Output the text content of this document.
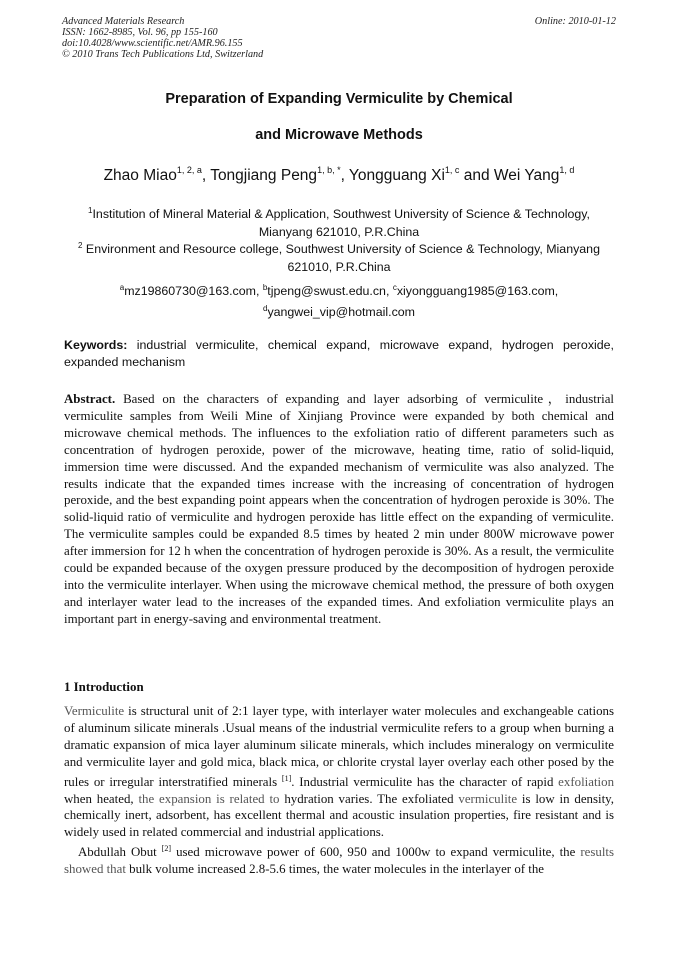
Advanced Materials Research
ISSN: 1662-8985, Vol. 96, pp 155-160
doi:10.4028/www.scientific.net/AMR.96.155
© 2010 Trans Tech Publications Ltd, Switzerland
Online: 2010-01-12
Preparation of Expanding Vermiculite by Chemical
and Microwave Methods
Zhao Miao$^{1, 2, a}$, Tongjiang Peng$^{1, b, *}$, Yongguang Xi$^{1, c}$ and Wei Yang$^{1, d}$
$^1$Institution of Mineral Material & Application, Southwest University of Science & Technology,
Mianyang 621010, P.R.China
$^2$ Environment and Resource college, Southwest University of Science & Technology, Mianyang
621010, P.R.China
$^a$mz19860730@163.com, $^b$tjpeng@swust.edu.cn, $^c$xiyongguang1985@163.com,
$^d$yangwei_vip@hotmail.com
Keywords: industrial vermiculite, chemical expand, microwave expand, hydrogen peroxide, expanded mechanism
Abstract. Based on the characters of expanding and layer adsorbing of vermiculite，industrial vermiculite samples from Weili Mine of Xinjiang Province were expanded by both chemical and microwave chemical methods. The influences to the exfoliation ratio of different parameters such as concentration of hydrogen peroxide, power of the microwave, heating time, ratio of solid-liquid, immersion time were discussed. And the expanded mechanism of vermiculite was also analyzed. The results indicate that the expanded times increase with the increasing of concentration of hydrogen peroxide, and the best expanding point appears when the concentration of hydrogen peroxide is 30%. The solid-liquid ratio of vermiculite and hydrogen peroxide has little effect on the expanding of vermiculite. The vermiculite samples could be expanded 8.5 times by heated 2 min under 800W microwave power after immersion for 12 h when the concentration of hydrogen peroxide is 30%. As a result, the vermiculite could be expanded because of the oxygen pressure produced by the decomposition of hydrogen peroxide into the vermiculite interlayer. When using the microwave chemical method, the pressure of both oxygen and interlayer water lead to the increases of the expanded times. And exfoliation vermiculite plays an important part in energy-saving and environmental treatment.
1 Introduction

Vermiculite is structural unit of 2:1 layer type, with interlayer water molecules and exchangeable cations of aluminum silicate minerals .Usual means of the industrial vermiculite refers to a group when burning a dramatic expansion of mica layer aluminum silicate minerals, which includes mineralogy on vermiculite and vermiculite layer and gold mica, black mica, or chlorite crystal layer overlay each other posed by the rules or irregular interstratified minerals [1]. Industrial vermiculite has the character of rapid exfoliation when heated, the expansion is related to hydration varies. The exfoliated vermiculite is low in density, chemically inert, adsorbent, has excellent thermal and acoustic insulation properties, fire resistant and is widely used in related commercial and industrial applications.

Abdullah Obut [2] used microwave power of 600, 950 and 1000w to expand vermiculite, the results showed that bulk volume increased 2.8-5.6 times, the water molecules in the interlayer of the
